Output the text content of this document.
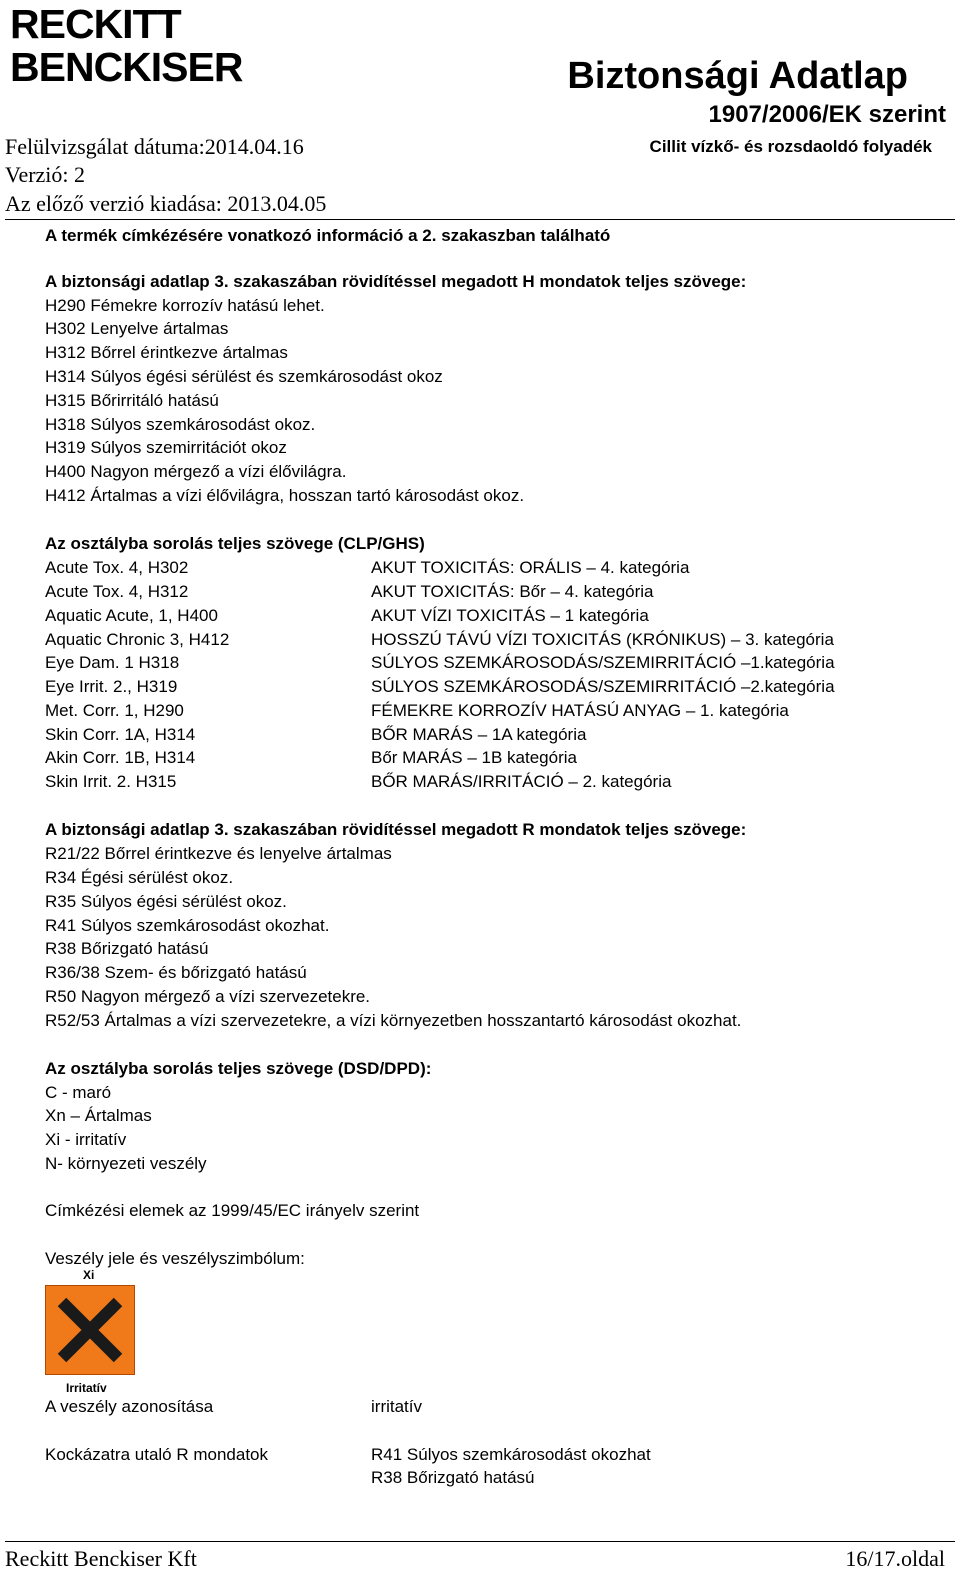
RECKITT
BENCKISER	Biztonsági Adatlap
1907/2006/EK szerint
Cillit vízkő- és rozsdaoldó folyadék
Felülvizsgálat dátuma:2014.04.16
Verzió: 2
Az előző verzió kiadása: 2013.04.05
A termék címkézésére vonatkozó információ a 2. szakaszban található
A biztonsági adatlap 3. szakaszában rövidítéssel megadott H mondatok teljes szövege:
H290 Fémekre korrozív hatású lehet.
H302 Lenyelve ártalmas
H312 Bőrrel érintkezve ártalmas
H314 Súlyos égési sérülést és szemkárosodást okoz
H315 Bőrirritáló hatású
H318 Súlyos szemkárosodást okoz.
H319 Súlyos szemirritációt okoz
H400 Nagyon mérgező a vízi élővilágra.
H412 Ártalmas a vízi élővilágra, hosszan tartó károsodást okoz.
Az osztályba sorolás teljes szövege (CLP/GHS)
Acute Tox. 4, H302	AKUT TOXICITÁS: ORÁLIS – 4. kategória
Acute Tox. 4, H312	AKUT TOXICITÁS: Bőr – 4. kategória
Aquatic Acute, 1, H400	AKUT VÍZI TOXICITÁS – 1 kategória
Aquatic Chronic 3, H412	HOSSZÚ TÁVÚ VÍZI TOXICITÁS (KRÓNIKUS) – 3. kategória
Eye Dam. 1 H318	SÚLYOS SZEMKÁROSODÁS/SZEMIRRITÁCIÓ –1.kategória
Eye Irrit. 2., H319	SÚLYOS SZEMKÁROSODÁS/SZEMIRRITÁCIÓ –2.kategória
Met. Corr. 1, H290	FÉMEKRE KORROZÍV HATÁSÚ ANYAG – 1. kategória
Skin Corr. 1A, H314	BŐR MARÁS – 1A kategória
Akin Corr. 1B, H314	Bőr MARÁS – 1B kategória
Skin Irrit. 2. H315	BŐR MARÁS/IRRITÁCIÓ – 2. kategória
A biztonsági adatlap 3. szakaszában rövidítéssel megadott R mondatok teljes szövege:
R21/22 Bőrrel érintkezve és lenyelve ártalmas
R34 Égési sérülést okoz.
R35 Súlyos égési sérülést okoz.
R41 Súlyos szemkárosodást okozhat.
R38 Bőrizgató hatású
R36/38 Szem- és bőrizgató hatású
R50 Nagyon mérgező a vízi szervezetekre.
R52/53 Ártalmas a vízi szervezetekre, a vízi környezetben hosszantartó károsodást okozhat.
Az osztályba sorolás teljes szövege (DSD/DPD):
C - maró
Xn – Ártalmas
Xi - irritatív
N- környezeti veszély
Címkézési elemek az 1999/45/EC irányelv szerint
Veszély jele és veszélyszimbólum:
Xi
Irritatív
A veszély azonosítása	irritatív
Kockázatra utaló R mondatok	R41 Súlyos szemkárosodást okozhat
R38 Bőrizgató hatású
Reckitt Benckiser Kft	16/17.oldal
